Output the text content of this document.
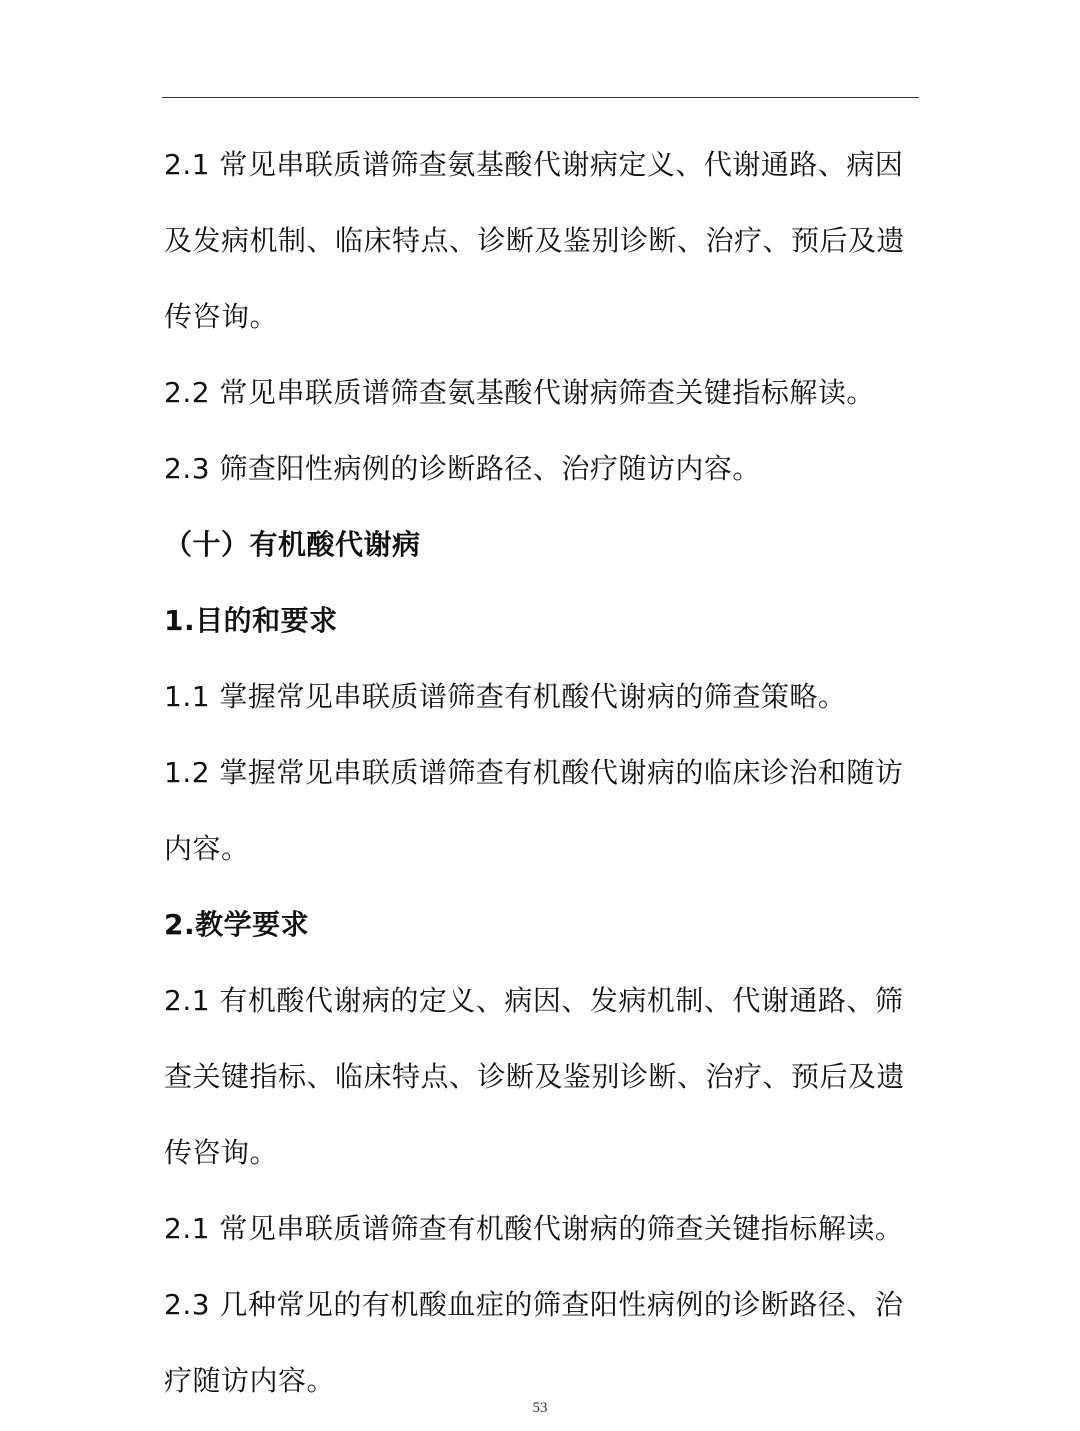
2.1 常见串联质谱筛查氨基酸代谢病定义、代谢通路、病因
及发病机制、临床特点、诊断及鉴别诊断、治疗、预后及遗
传咨询。
2.2 常见串联质谱筛查氨基酸代谢病筛查关键指标解读。
2.3 筛查阳性病例的诊断路径、治疗随访内容。
（十）有机酸代谢病
1.目的和要求
1.1 掌握常见串联质谱筛查有机酸代谢病的筛查策略。
1.2 掌握常见串联质谱筛查有机酸代谢病的临床诊治和随访
内容。
2.教学要求
2.1 有机酸代谢病的定义、病因、发病机制、代谢通路、筛
查关键指标、临床特点、诊断及鉴别诊断、治疗、预后及遗
传咨询。
2.1 常见串联质谱筛查有机酸代谢病的筛查关键指标解读。
2.3 几种常见的有机酸血症的筛查阳性病例的诊断路径、治
疗随访内容。
53
